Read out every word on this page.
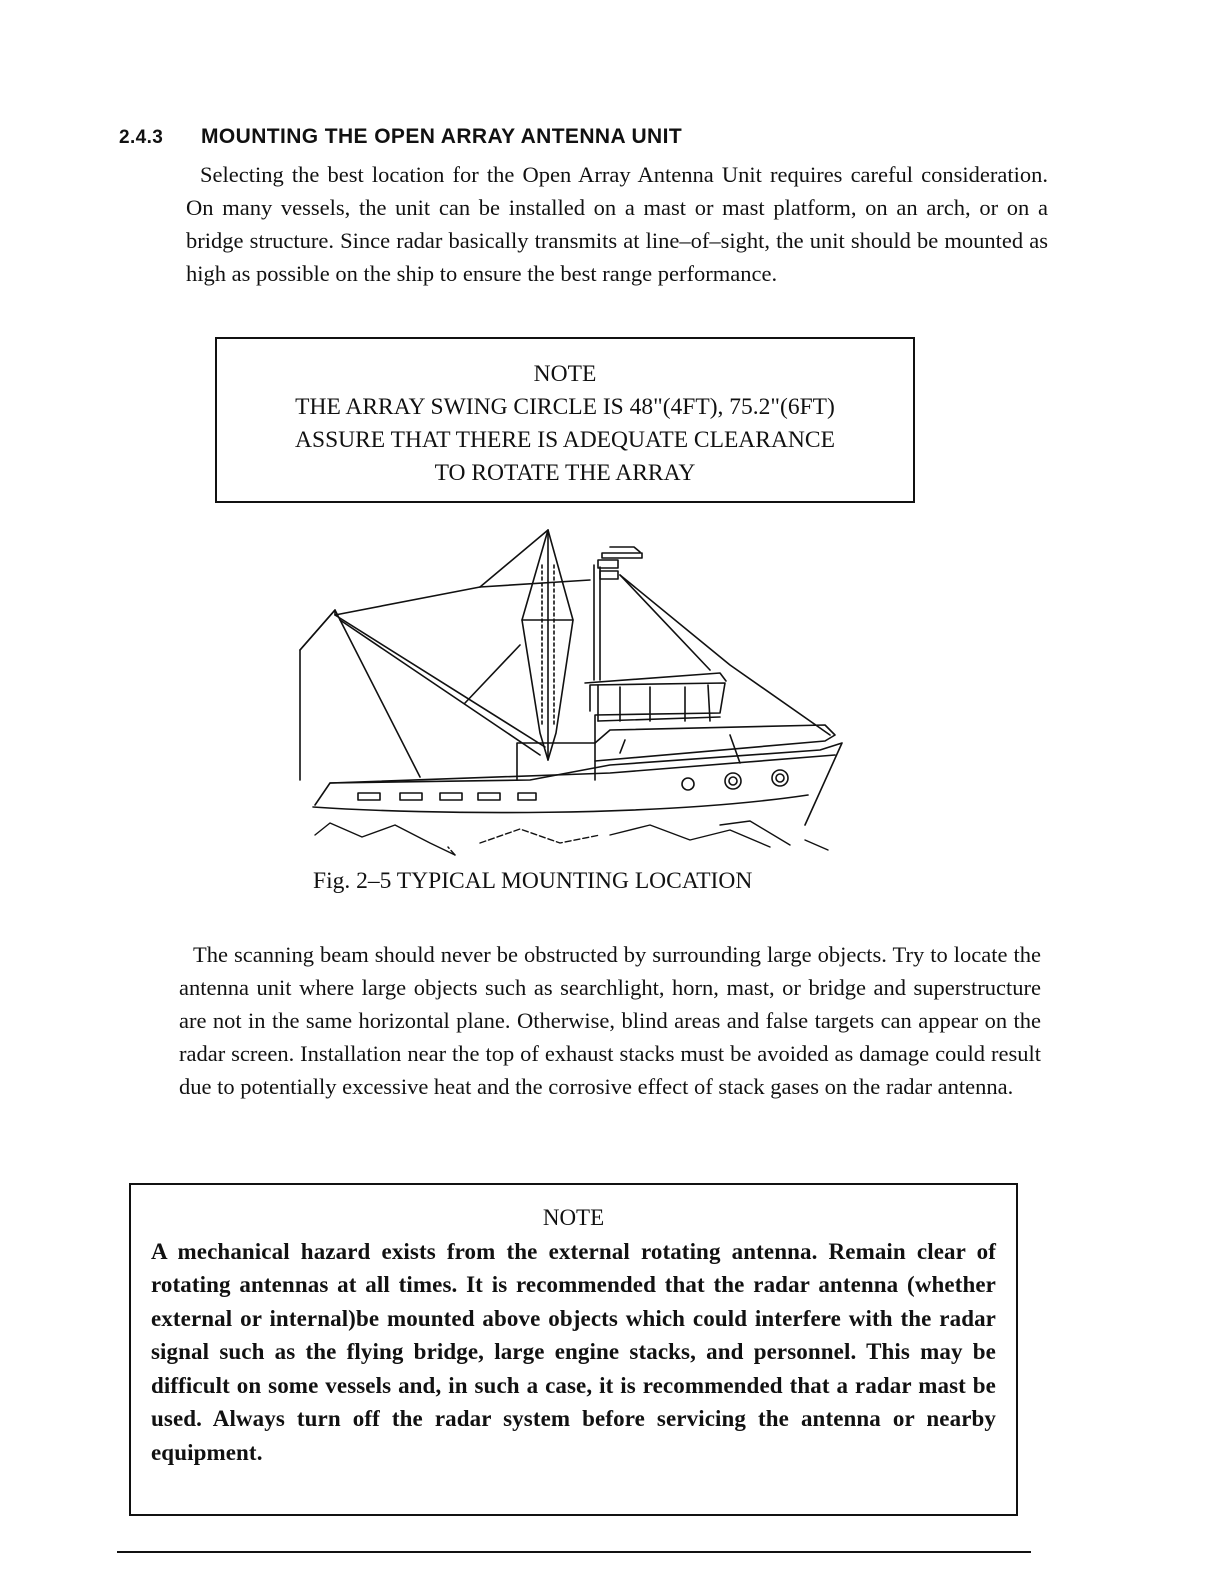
2.4.3 MOUNTING THE OPEN ARRAY ANTENNA UNIT

Selecting the best location for the Open Array Antenna Unit requires careful consideration. On many vessels, the unit can be installed on a mast or mast platform, on an arch, or on a bridge structure. Since radar basically transmits at line–of–sight, the unit should be mounted as high as possible on the ship to ensure the best range performance.

NOTE
THE ARRAY SWING CIRCLE IS 48"(4FT), 75.2"(6FT)
ASSURE THAT THERE IS ADEQUATE CLEARANCE
TO ROTATE THE ARRAY
Fig. 2–5 TYPICAL MOUNTING LOCATION

The scanning beam should never be obstructed by surrounding large objects. Try to locate the antenna unit where large objects such as searchlight, horn, mast, or bridge and superstructure are not in the same horizontal plane. Otherwise, blind areas and false targets can appear on the radar screen. Installation near the top of exhaust stacks must be avoided as damage could result due to potentially excessive heat and the corrosive effect of stack gases on the radar antenna.

NOTE
A mechanical hazard exists from the external rotating antenna. Remain clear of rotating antennas at all times. It is recommended that the radar antenna (whether external or internal)be mounted above objects which could interfere with the radar signal such as the flying bridge, large engine stacks, and personnel. This may be difficult on some vessels and, in such a case, it is recommended that a radar mast be used. Always turn off the radar system before servicing the antenna or nearby equipment.
